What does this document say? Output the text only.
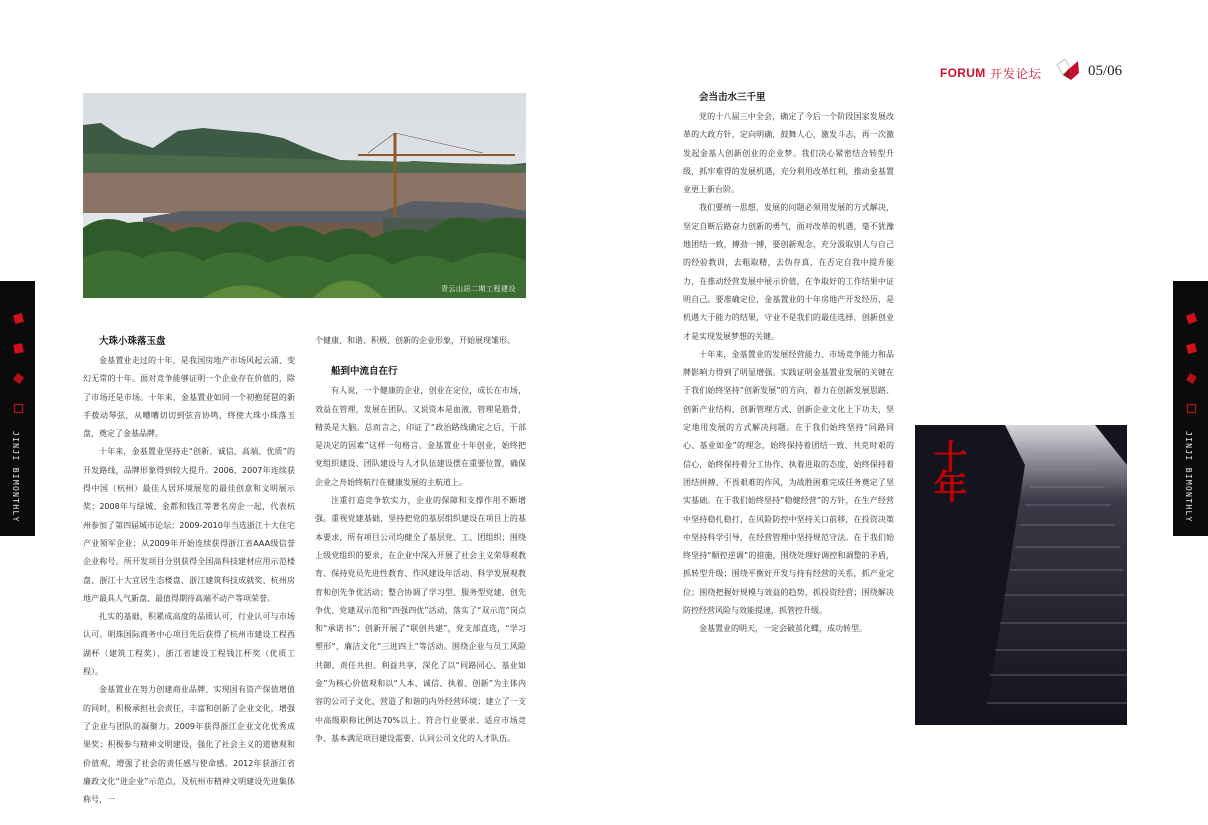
FORUM 开发论坛	05/06
青云山居二期工程建设
JINJI BIMONTHLY	JINJI BIMONTHLY
大珠小珠落玉盘

金基置业走过的十年，是我国房地产市场风起云涌、变幻无常的十年。面对竞争能够证明一个企业存在价值的，除了市场还是市场。十年来，金基置业如同一个初抱琵琶的新手拨动琴弦，从嘈嘈切切到弦音协鸣，终使大珠小珠落玉盘，奠定了金基品牌。

十年来，金基置业坚持走“创新、诚信、高端、优质”的开发路线，品牌形象得到较大提升。2006、2007年连续获得中国（杭州）最佳人居环境展览的最佳创意和文明展示奖；2008年与绿城、金都和钱江等著名房企一起，代表杭州参加了第四届城市论坛；2009-2010年当选浙江十大住宅产业领军企业；从2009年开始连续获得浙江省AAA级信誉企业称号。所开发项目分别获得全国高科技建材应用示范楼盘、浙江十大宜居生态楼盘、浙江建筑科技成就奖、杭州房地产最具人气新盘、最值得期待高端不动产等项荣誉。

扎实的基础，积累成高度的品质认可，行业认可与市场认可。明珠国际商务中心项目先后获得了杭州市建设工程西湖杯（建筑工程奖），浙江省建设工程钱江杯奖（优质工程）。

金基置业在努力创建商业品牌、实现国有资产保值增值的同时，积极承担社会责任，丰富和创新了企业文化，增强了企业与团队的凝聚力。2009年获得浙江企业文化优秀成果奖；积极参与精神文明建设，强化了社会主义的道德观和价值观，增强了社会的责任感与使命感。2012年获浙江省廉政文化“进企业”示范点，及杭州市精神文明建设先进集体称号，一

个健康、和谐、积极、创新的企业形象，开始展现雏形。

船到中流自在行

有人说，一个健康的企业，创业在定位，成长在市场，效益在管理，发展在团队。又说资本是血液，管理是筋骨，精英是大脑。总而言之，印证了“政治路线确定之后，干部是决定的因素”这样一句格言。金基置业十年创业，始终把党组织建设、团队建设与人才队伍建设摆在重要位置，确保企业之舟始终航行在健康发展的主航道上。

注重打造竞争软实力，企业的保障和支撑作用不断增强。重视党建基础，坚持把党的基层组织建设在项目上的基本要求，所有项目公司均健全了基层党、工、团组织；围绕上级党组织的要求，在企业中深入开展了社会主义荣辱观教育、保持党员先进性教育、作风建设年活动、科学发展观教育和创先争优活动；整合协调了学习型、服务型党建、创先争优、党建双示范和“四强四优”活动，落实了“双示范”岗点和“承诺书”；创新开展了“联创共建”，党支部直选，“学习塑形”，廉洁文化“三进四上”等活动。围绕企业与员工风险共御、责任共担、利益共享，深化了以“同路同心、基业如金”为核心价值观和以“人本、诚信、执着、创新”为主体内容的公司子文化，营造了和谐的内外经营环境；建立了一支中高级职称比例达70%以上、符合行业要求、适应市场竞争、基本满足项目建设需要、认同公司文化的人才队伍。

会当击水三千里

党的十八届三中全会，确定了今后一个阶段国家发展改革的大政方针，定向明确，鼓舞人心，激发斗志，再一次激发起金基人创新创业的企业梦。我们决心紧密结合转型升级，抓牢难得的发展机遇，充分利用改革红利，推动金基置业更上新台阶。

我们要统一思想，发展的问题必须用发展的方式解决，坚定自断后路奋力创新的勇气，面对改革的机遇，毫不犹豫地团结一致，搏劲一搏，要创新观念，充分汲取别人与自己的经验教训，去粗取精，去伪存真，在否定自我中提升能力，在推动经营发展中展示价值，在争取好的工作结果中证明自己。要准确定位，金基置业的十年房地产开发经历，是机遇大于能力的结果，守业不是我们的最佳选择，创新创业才是实现发展梦想的关键。

十年来，金基置业的发展经营能力、市场竞争能力和品牌影响力得到了明显增强。实践证明金基置业发展的关键在于我们始终坚持“创新发展”的方向，着力在创新发展思路、创新产业结构、创新管理方式、创新企业文化上下功夫，坚定地用发展的方式解决问题。在于我们始终坚持“同路同心、基业如金”的理念，始终保持着团结一致、共克时艰的信心，始终保持着分工协作、执着进取的态度，始终保持着团结拼搏、不畏艰难的作风，为战胜困难完成任务奠定了坚实基础。在于我们始终坚持“稳健经营”的方针，在生产经营中坚持稳扎稳打，在风险防控中坚持关口前移，在投资决策中坚持科学引导，在经营管理中坚持规范守法。在于我们始终坚持“顺控逆调”的措施，围绕处理好调控和调整的矛盾，抓转型升级；围绕平衡好开发与持有经营的关系，抓产业定位；围绕把握好规模与效益的趋势，抓投资经营；围绕解决防控经营风险与效能提速，抓管控升级。

金基置业的明天，一定会破茧化蝶，成功转型。

十年
